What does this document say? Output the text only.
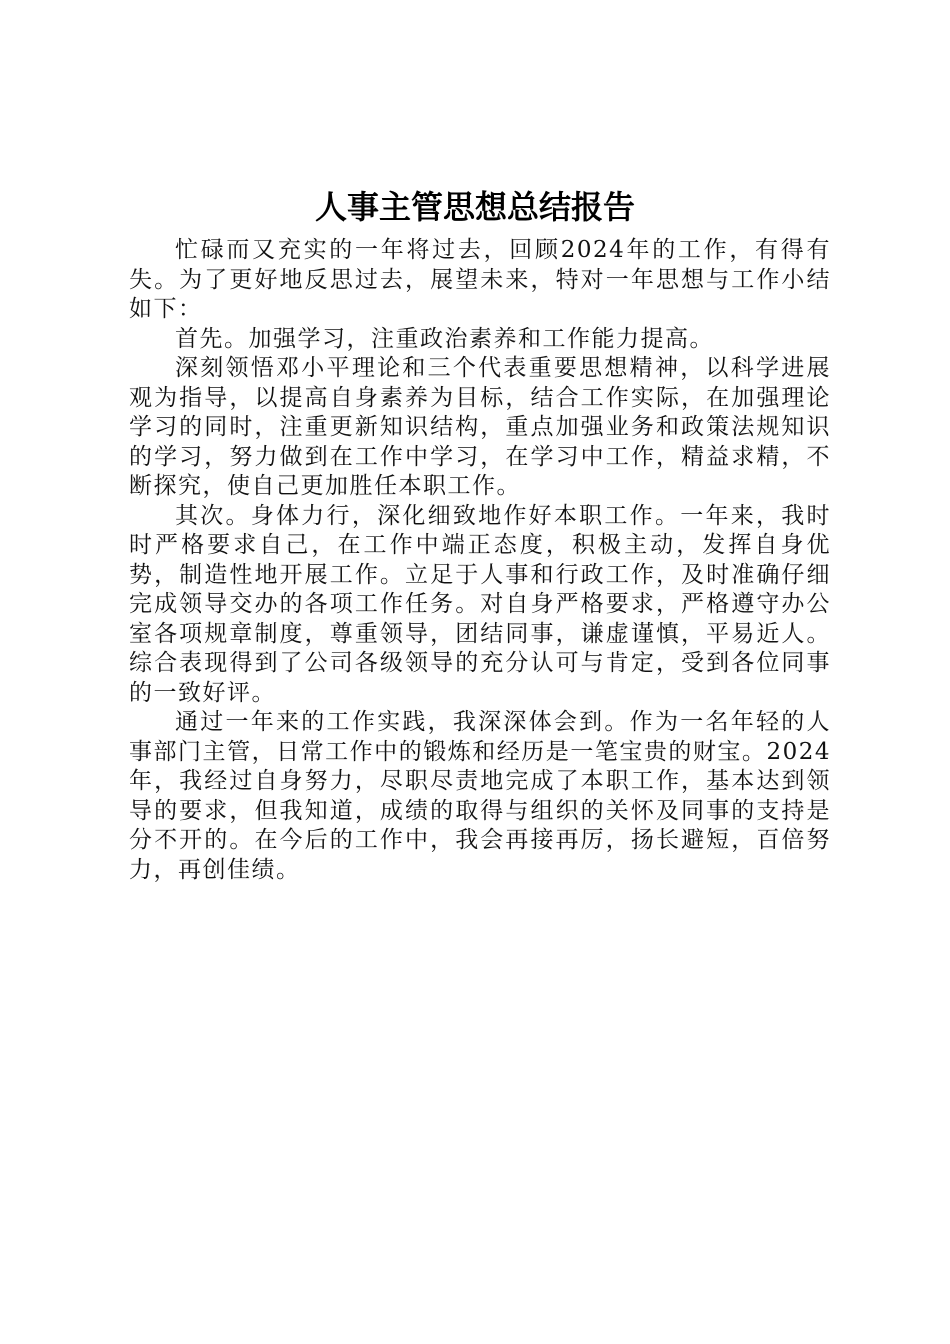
人事主管思想总结报告

忙碌而又充实的一年将过去，回顾2024年的工作，有得有失。为了更好地反思过去，展望未来，特对一年思想与工作小结如下：

首先。加强学习，注重政治素养和工作能力提高。

深刻领悟邓小平理论和三个代表重要思想精神，以科学进展观为指导，以提高自身素养为目标，结合工作实际，在加强理论学习的同时，注重更新知识结构，重点加强业务和政策法规知识的学习，努力做到在工作中学习，在学习中工作，精益求精，不断探究，使自己更加胜任本职工作。

其次。身体力行，深化细致地作好本职工作。一年来，我时时严格要求自己，在工作中端正态度，积极主动，发挥自身优势，制造性地开展工作。立足于人事和行政工作，及时准确仔细完成领导交办的各项工作任务。对自身严格要求，严格遵守办公室各项规章制度，尊重领导，团结同事，谦虚谨慎，平易近人。综合表现得到了公司各级领导的充分认可与肯定，受到各位同事的一致好评。

通过一年来的工作实践，我深深体会到。作为一名年轻的人事部门主管，日常工作中的锻炼和经历是一笔宝贵的财宝。2024年，我经过自身努力，尽职尽责地完成了本职工作，基本达到领导的要求，但我知道，成绩的取得与组织的关怀及同事的支持是分不开的。在今后的工作中，我会再接再厉，扬长避短，百倍努力，再创佳绩。
